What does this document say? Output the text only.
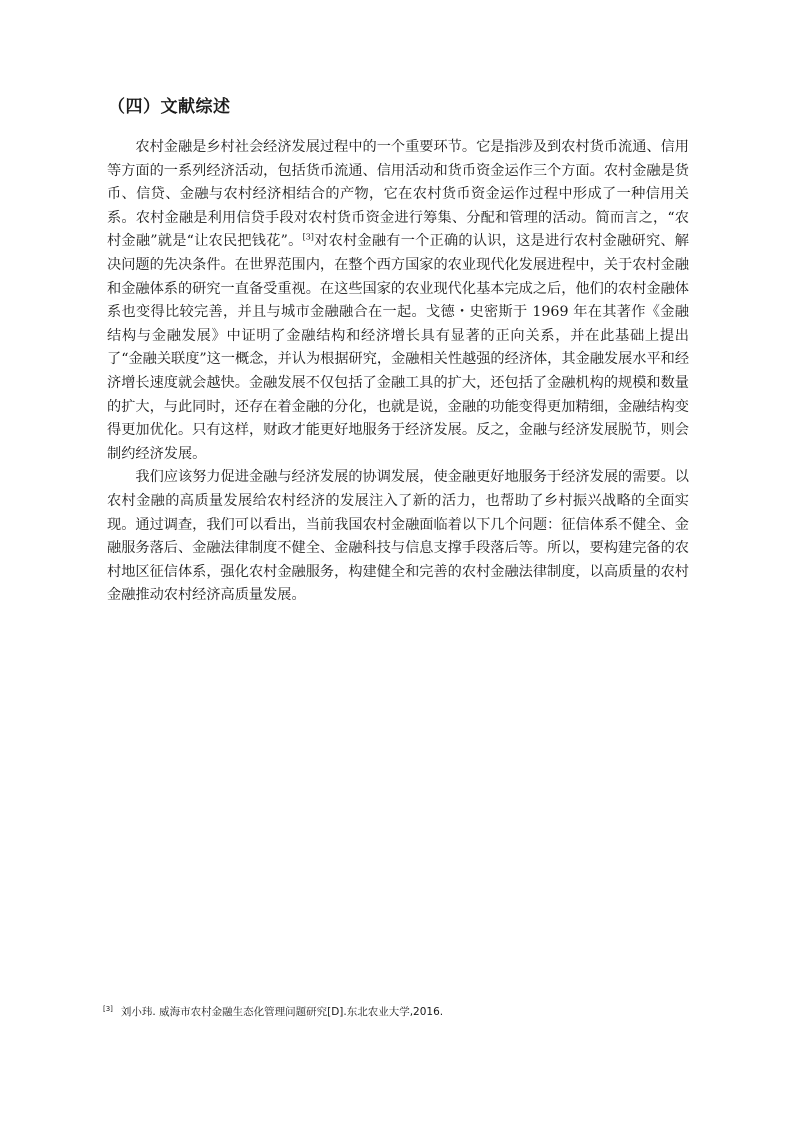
（四）文献综述

农村金融是乡村社会经济发展过程中的一个重要环节。它是指涉及到农村货币流通、信用等方面的一系列经济活动，包括货币流通、信用活动和货币资金运作三个方面。农村金融是货币、信贷、金融与农村经济相结合的产物，它在农村货币资金运作过程中形成了一种信用关系。农村金融是利用信贷手段对农村货币资金进行筹集、分配和管理的活动。简而言之，“农村金融”就是“让农民把钱花”。[3]对农村金融有一个正确的认识，这是进行农村金融研究、解决问题的先决条件。在世界范围内，在整个西方国家的农业现代化发展进程中，关于农村金融和金融体系的研究一直备受重视。在这些国家的农业现代化基本完成之后，他们的农村金融体系也变得比较完善，并且与城市金融融合在一起。戈德・史密斯于 1969 年在其著作《金融结构与金融发展》中证明了金融结构和经济增长具有显著的正向关系，并在此基础上提出了“金融关联度”这一概念，并认为根据研究，金融相关性越强的经济体，其金融发展水平和经济增长速度就会越快。金融发展不仅包括了金融工具的扩大，还包括了金融机构的规模和数量的扩大，与此同时，还存在着金融的分化，也就是说，金融的功能变得更加精细，金融结构变得更加优化。只有这样，财政才能更好地服务于经济发展。反之，金融与经济发展脱节，则会制约经济发展。

我们应该努力促进金融与经济发展的协调发展，使金融更好地服务于经济发展的需要。以农村金融的高质量发展给农村经济的发展注入了新的活力，也帮助了乡村振兴战略的全面实现。通过调查，我们可以看出，当前我国农村金融面临着以下几个问题：征信体系不健全、金融服务落后、金融法律制度不健全、金融科技与信息支撑手段落后等。所以，要构建完备的农村地区征信体系，强化农村金融服务，构建健全和完善的农村金融法律制度，以高质量的农村金融推动农村经济高质量发展。

[3] 刘小玮. 威海市农村金融生态化管理问题研究[D].东北农业大学,2016.
